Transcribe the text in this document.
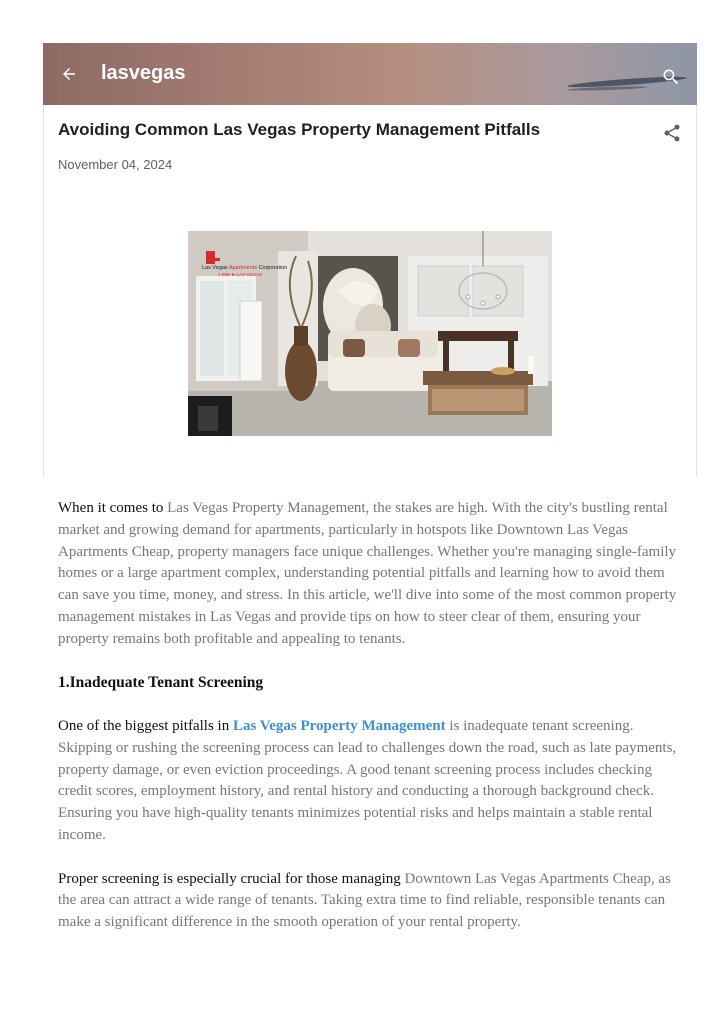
lasvegas
Avoiding Common Las Vegas Property Management Pitfalls
November 04, 2024
Las Vegas Apartments Corporation
1-888-★-LAS-VEGAS

When it comes to Las Vegas Property Management, the stakes are high. With the city's bustling rental market and growing demand for apartments, particularly in hotspots like Downtown Las Vegas Apartments Cheap, property managers face unique challenges. Whether you're managing single-family homes or a large apartment complex, understanding potential pitfalls and learning how to avoid them can save you time, money, and stress. In this article, we'll dive into some of the most common property management mistakes in Las Vegas and provide tips on how to steer clear of them, ensuring your property remains both profitable and appealing to tenants.

1.Inadequate Tenant Screening

One of the biggest pitfalls in Las Vegas Property Management is inadequate tenant screening. Skipping or rushing the screening process can lead to challenges down the road, such as late payments, property damage, or even eviction proceedings. A good tenant screening process includes checking credit scores, employment history, and rental history and conducting a thorough background check. Ensuring you have high-quality tenants minimizes potential risks and helps maintain a stable rental income.

Proper screening is especially crucial for those managing Downtown Las Vegas Apartments Cheap, as the area can attract a wide range of tenants. Taking extra time to find reliable, responsible tenants can make a significant difference in the smooth operation of your rental property.
